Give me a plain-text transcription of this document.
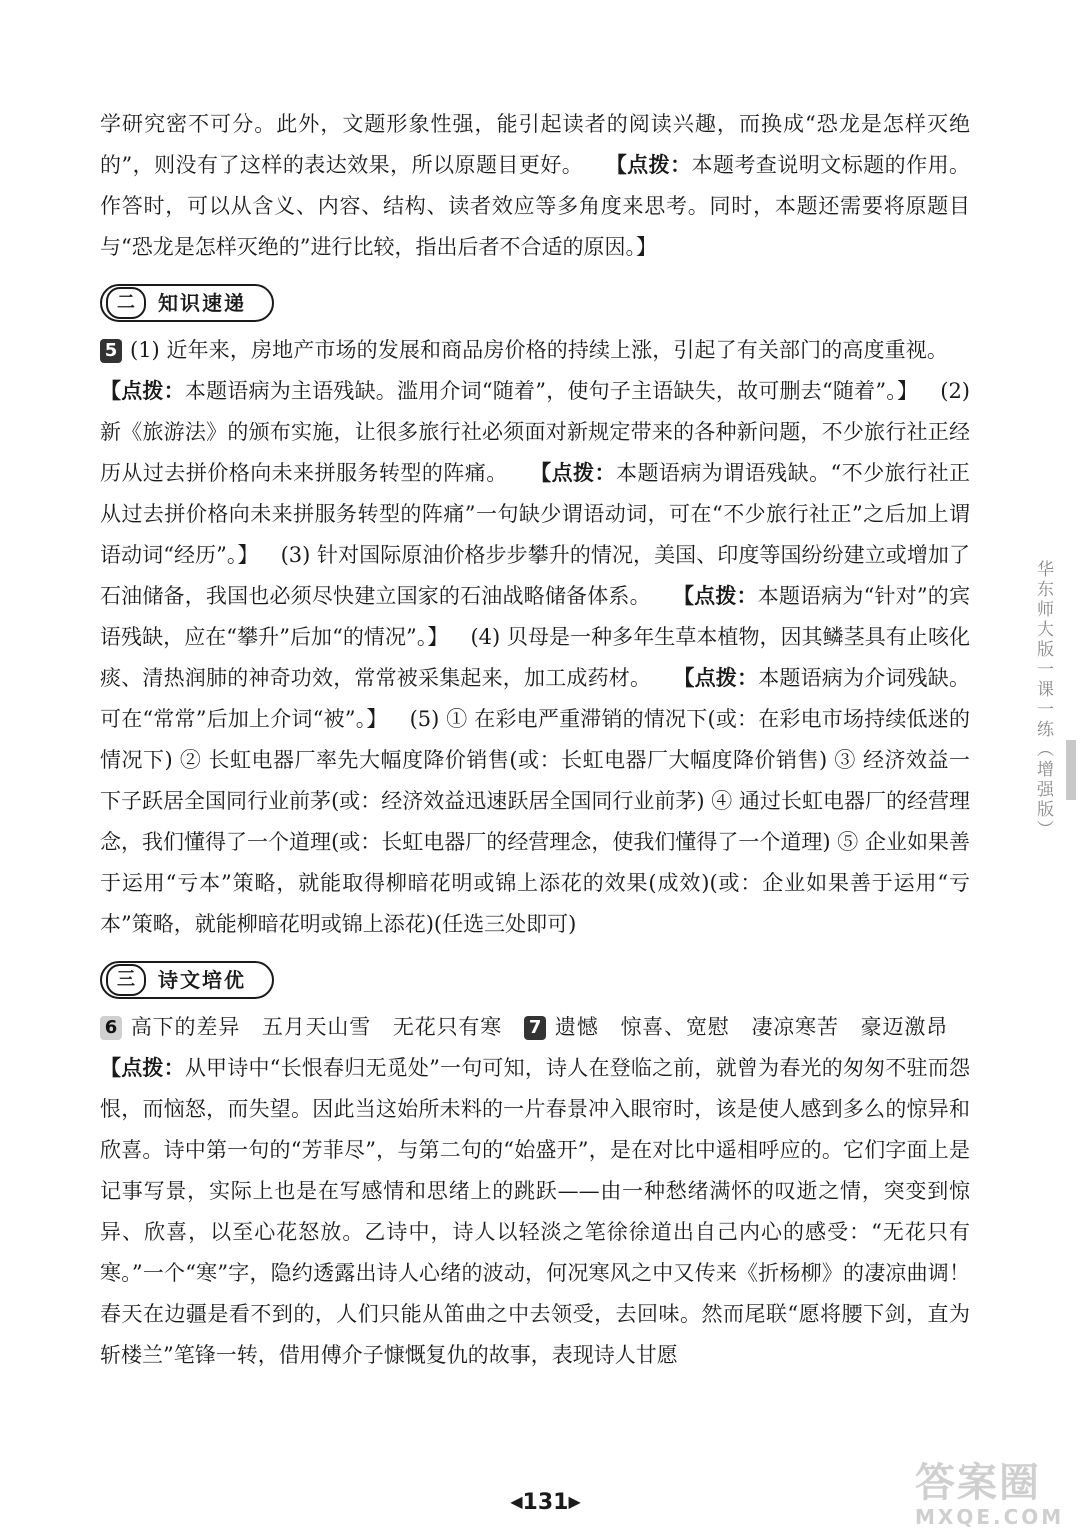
学研究密不可分。此外，文题形象性强，能引起读者的阅读兴趣，而换成“恐龙是怎样灭绝的”，则没有了这样的表达效果，所以原题目更好。 【点拨：本题考查说明文标题的作用。作答时，可以从含义、内容、结构、读者效应等多角度来思考。同时，本题还需要将原题目与“恐龙是怎样灭绝的”进行比较，指出后者不合适的原因。】

二	知识速递

5 (1) 近年来，房地产市场的发展和商品房价格的持续上涨，引起了有关部门的高度重视。【点拨：本题语病为主语残缺。滥用介词“随着”，使句子主语缺失，故可删去“随着”。】 (2) 新《旅游法》的颁布实施，让很多旅行社必须面对新规定带来的各种新问题，不少旅行社正经历从过去拼价格向未来拼服务转型的阵痛。 【点拨：本题语病为谓语残缺。“不少旅行社正从过去拼价格向未来拼服务转型的阵痛”一句缺少谓语动词，可在“不少旅行社正”之后加上谓语动词“经历”。】 (3) 针对国际原油价格步步攀升的情况，美国、印度等国纷纷建立或增加了石油储备，我国也必须尽快建立国家的石油战略储备体系。 【点拨：本题语病为“针对”的宾语残缺，应在“攀升”后加“的情况”。】 (4) 贝母是一种多年生草本植物，因其鳞茎具有止咳化痰、清热润肺的神奇功效，常常被采集起来，加工成药材。 【点拨：本题语病为介词残缺。可在“常常”后加上介词“被”。】 (5) ① 在彩电严重滞销的情况下(或：在彩电市场持续低迷的情况下) ② 长虹电器厂率先大幅度降价销售(或：长虹电器厂大幅度降价销售) ③ 经济效益一下子跃居全国同行业前茅(或：经济效益迅速跃居全国同行业前茅) ④ 通过长虹电器厂的经营理念，我们懂得了一个道理(或：长虹电器厂的经营理念，使我们懂得了一个道理) ⑤ 企业如果善于运用“亏本”策略，就能取得柳暗花明或锦上添花的效果(成效)(或：企业如果善于运用“亏本”策略，就能柳暗花明或锦上添花)(任选三处即可)

三	诗文培优

6 高下的差异　五月天山雪　无花只有寒 7 遗憾　惊喜、宽慰　凄凉寒苦　豪迈激昂【点拨：从甲诗中“长恨春归无觅处”一句可知，诗人在登临之前，就曾为春光的匆匆不驻而怨恨，而恼怒，而失望。因此当这始所未料的一片春景冲入眼帘时，该是使人感到多么的惊异和欣喜。诗中第一句的“芳菲尽”，与第二句的“始盛开”，是在对比中遥相呼应的。它们字面上是记事写景，实际上也是在写感情和思绪上的跳跃——由一种愁绪满怀的叹逝之情，突变到惊异、欣喜，以至心花怒放。乙诗中，诗人以轻淡之笔徐徐道出自己内心的感受：“无花只有寒。”一个“寒”字，隐约透露出诗人心绪的波动，何况寒风之中又传来《折杨柳》的凄凉曲调！春天在边疆是看不到的，人们只能从笛曲之中去领受，去回味。然而尾联“愿将腰下剑，直为斩楼兰”笔锋一转，借用傅介子慷慨复仇的故事，表现诗人甘愿

华东师大版一课一练（增强版）
◀131▶	答案圈
MXQE.COM
